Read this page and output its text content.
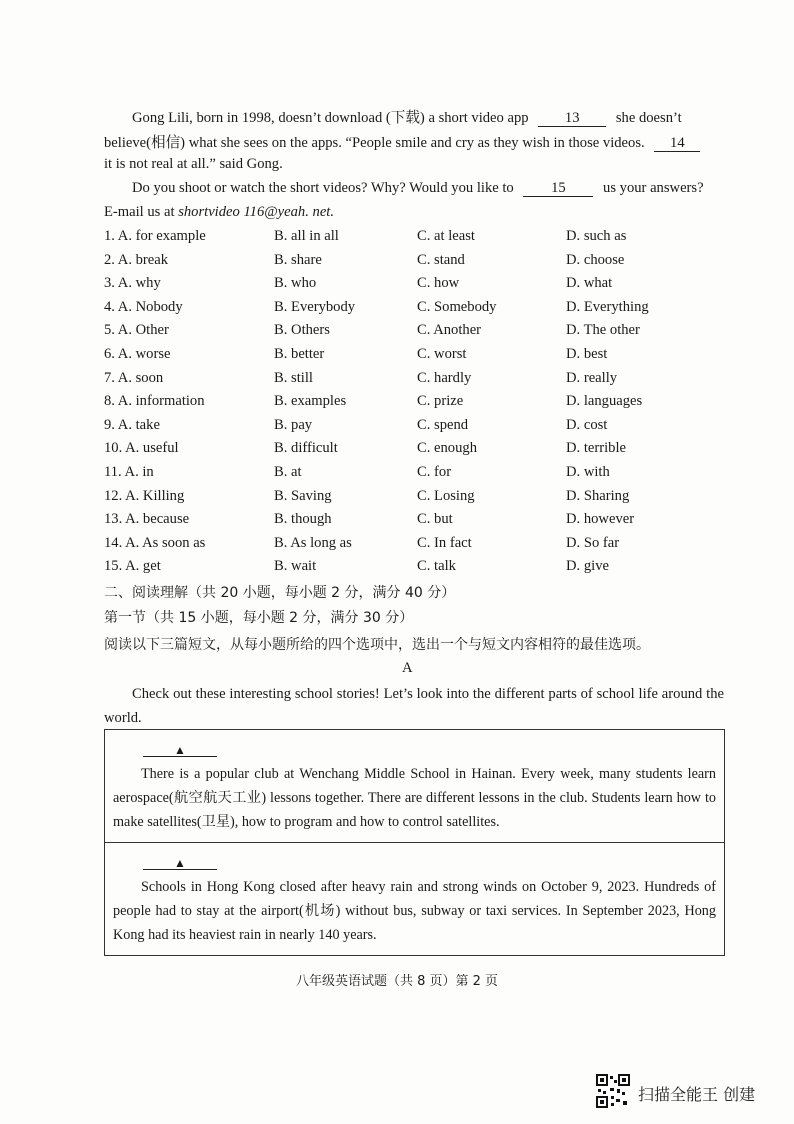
Gong Lili, born in 1998, doesn’t download (下载) a short video app 13 she doesn’t
believe(相信) what she sees on the apps. “People smile and cry as they wish in those videos. 14
it is not real at all.” said Gong.
Do you shoot or watch the short videos? Why? Would you like to	15	us your answers?
E-mail us at shortvideo 116@yeah. net.
1. A. for example	B. all in all	C. at least	D. such as
2. A. break	B. share	C. stand	D. choose
3. A. why	B. who	C. how	D. what
4. A. Nobody	B. Everybody	C. Somebody	D. Everything
5. A. Other	B. Others	C. Another	D. The other
6. A. worse	B. better	C. worst	D. best
7. A. soon	B. still	C. hardly	D. really
8. A. information	B. examples	C. prize	D. languages
9. A. take	B. pay	C. spend	D. cost
10. A. useful	B. difficult	C. enough	D. terrible
11. A. in	B. at	C. for	D. with
12. A. Killing	B. Saving	C. Losing	D. Sharing
13. A. because	B. though	C. but	D. however
14. A. As soon as	B. As long as	C. In fact	D. So far
15. A. get	B. wait	C. talk	D. give
二、阅读理解（共 20 小题，每小题 2 分，满分 40 分）
第一节（共 15 小题，每小题 2 分，满分 30 分）
阅读以下三篇短文，从每小题所给的四个选项中，选出一个与短文内容相符的最佳选项。
A
Check out these interesting school stories! Let’s look into the different parts of school life around the world.
▲
There is a popular club at Wenchang Middle School in Hainan. Every week, many students learn aerospace(航空航天工业) lessons together. There are different lessons in the club. Students learn how to make satellites(卫星), how to program and how to control satellites.
▲
Schools in Hong Kong closed after heavy rain and strong winds on October 9, 2023. Hundreds of people had to stay at the airport(机场) without bus, subway or taxi services. In September 2023, Hong Kong had its heaviest rain in nearly 140 years.
八年级英语试题（共 8 页）第 2 页
扫描全能王 创建
